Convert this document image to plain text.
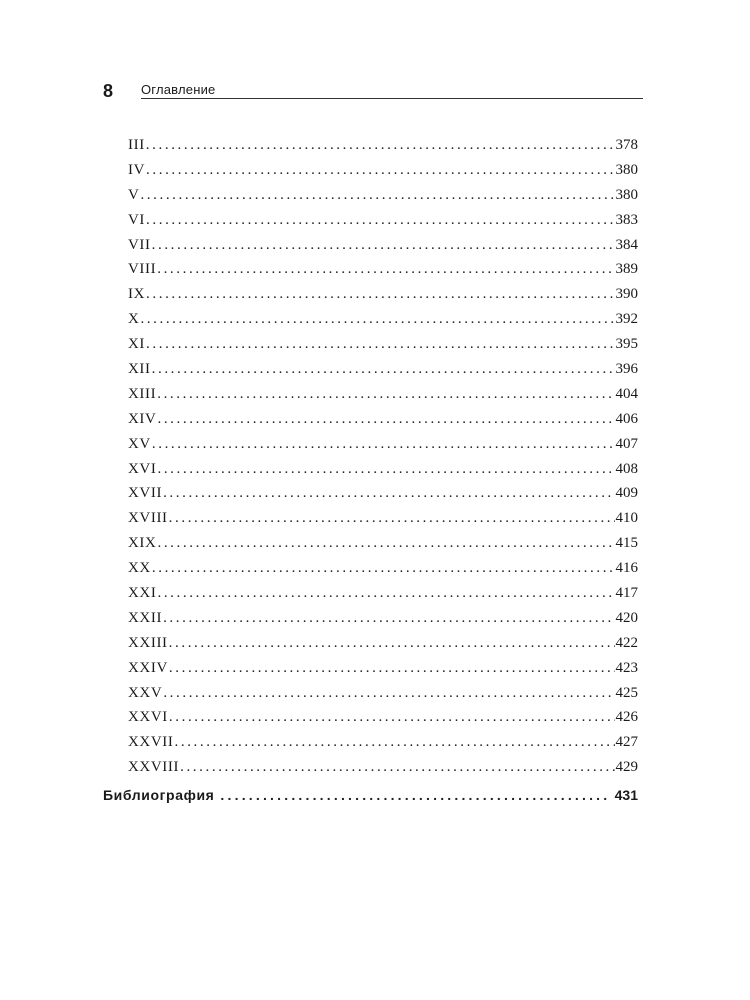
8 Оглавление
III .....	378
IV .....	380
V .....	380
VI .....	383
VII .....	384
VIII .....	389
IX .....	390
X .....	392
XI .....	395
XII .....	396
XIII .....	404
XIV .....	406
XV .....	407
XVI .....	408
XVII .....	409
XVIII .....	410
XIX .....	415
XX .....	416
XXI .....	417
XXII .....	420
XXIII .....	422
XXIV .....	423
XXV .....	425
XXVI .....	426
XXVII .....	427
XXVIII .....	429
Библиография .....	431
